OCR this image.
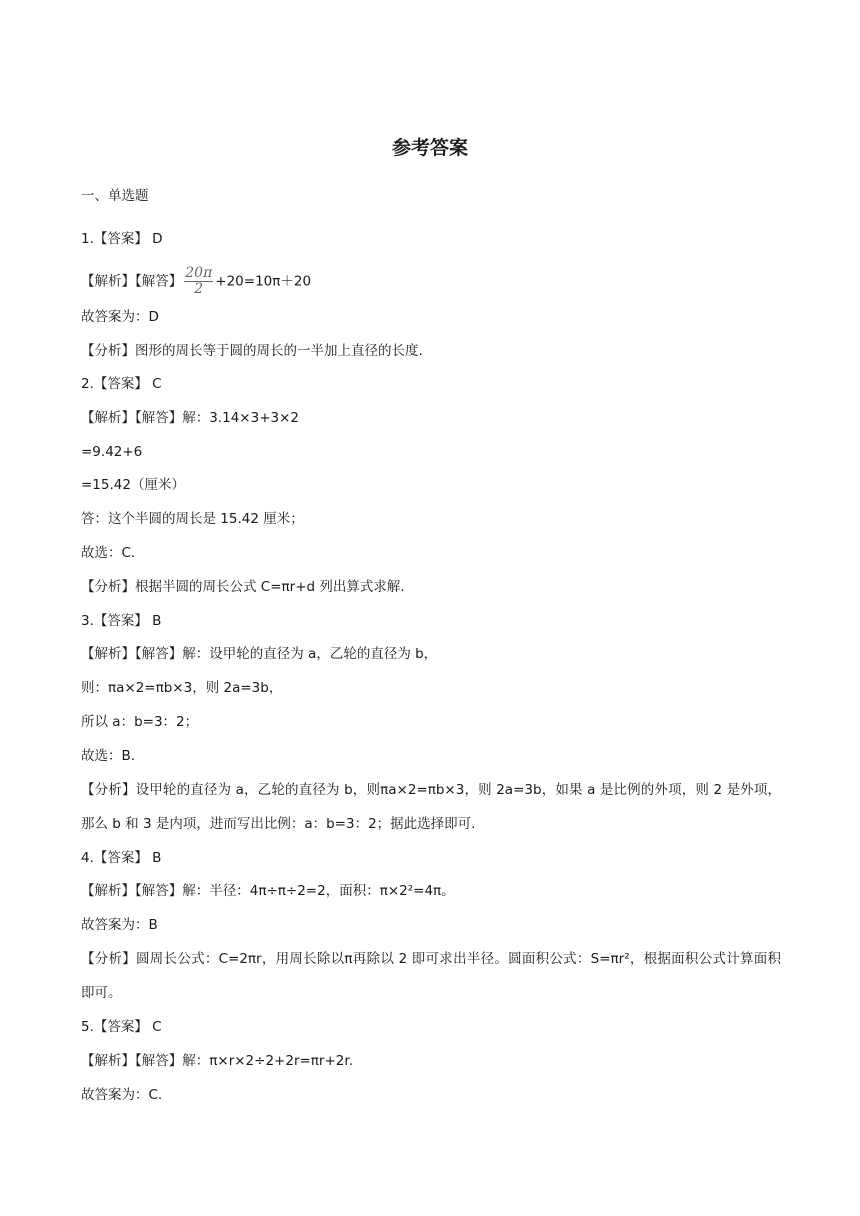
参考答案
一、单选题
1.【答案】 D
【解析】【解答】 $\frac{20\pi}{2} +20=10\pi+20$
故答案为：D
【分析】图形的周长等于圆的周长的一半加上直径的长度.
2.【答案】 C
【解析】【解答】解：3.14×3+3×2
=9.42+6
=15.42（厘米）
答：这个半圆的周长是 15.42 厘米；
故选：C.
【分析】根据半圆的周长公式 C=πr+d 列出算式求解.
3.【答案】 B
【解析】【解答】解：设甲轮的直径为 a，乙轮的直径为 b，
则：πa×2=πb×3，则 2a=3b，
所以 a：b=3：2；
故选：B.
【分析】设甲轮的直径为 a，乙轮的直径为 b，则πa×2=πb×3，则 2a=3b，如果 a 是比例的外项，则 2 是外项，那么 b 和 3 是内项，进而写出比例：a：b=3：2；据此选择即可.
4.【答案】 B
【解析】【解答】解：半径：4π÷π÷2=2，面积：π×2²=4π。
故答案为：B
【分析】圆周长公式：C=2πr，用周长除以π再除以 2 即可求出半径。圆面积公式：S=πr²，根据面积公式计算面积即可。
5.【答案】 C
【解析】【解答】解：π×r×2÷2+2r=πr+2r.
故答案为：C.
